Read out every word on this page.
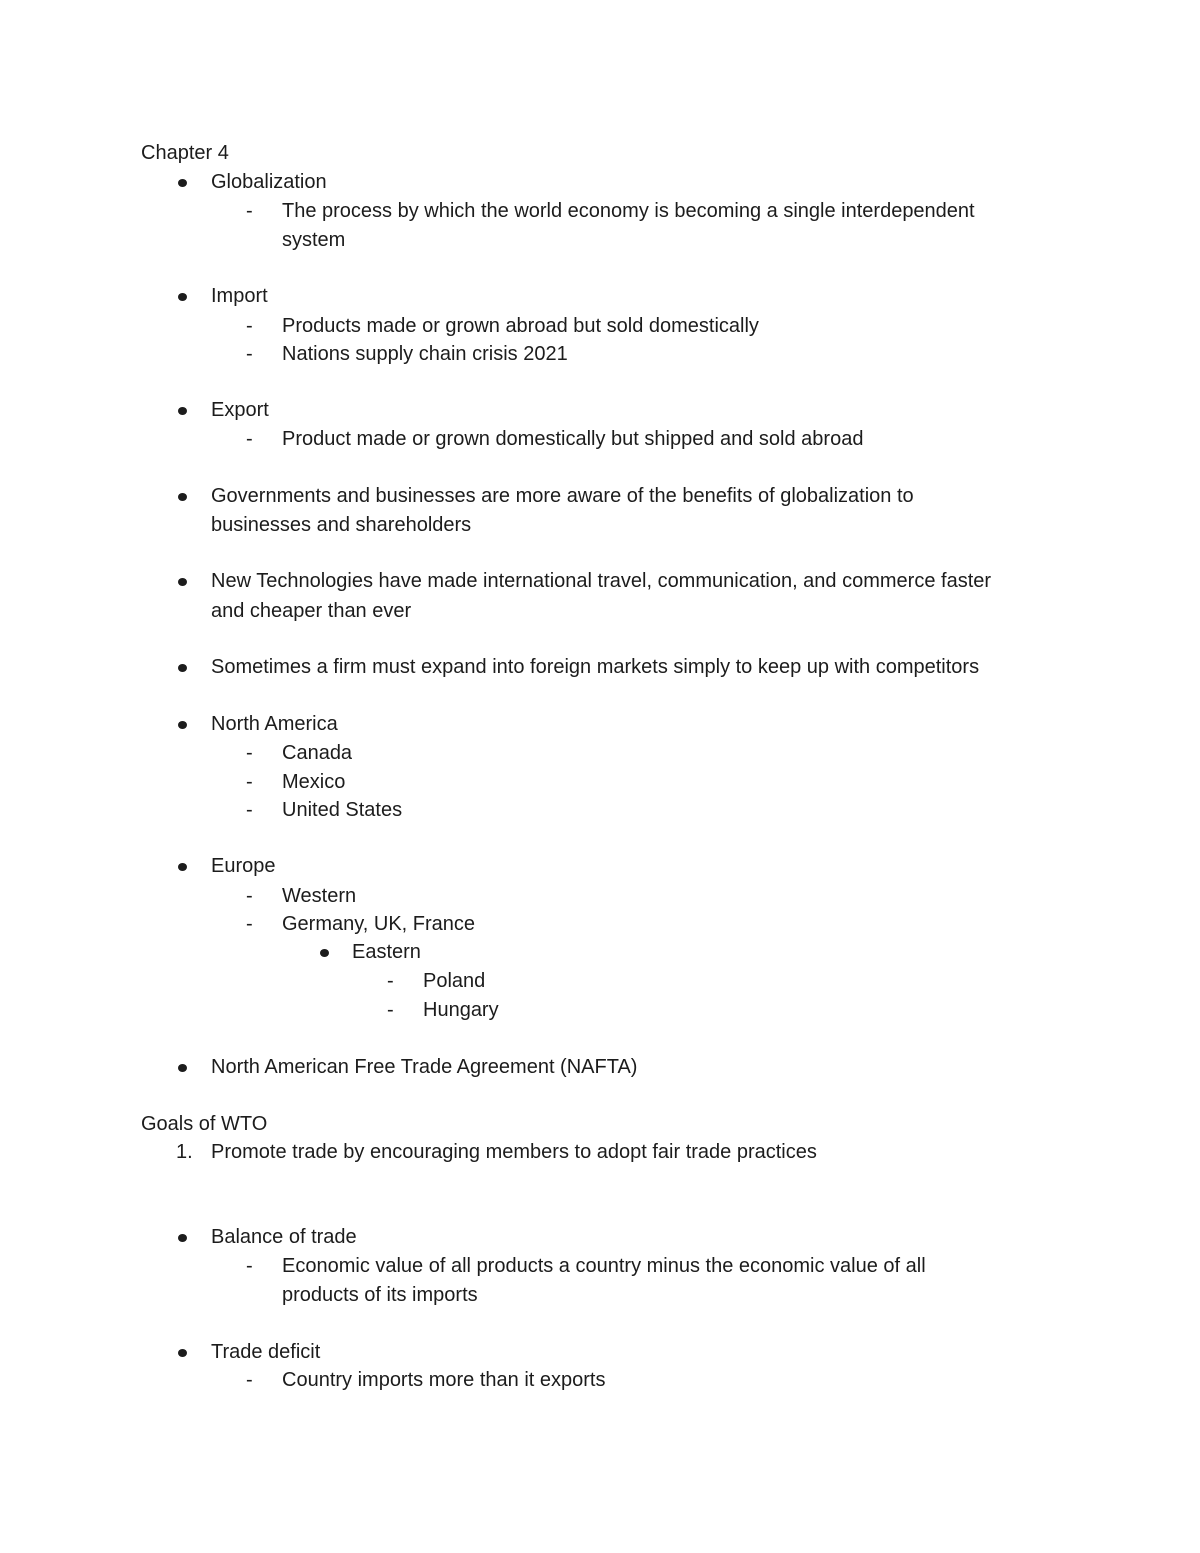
Chapter 4
Globalization
- The process by which the world economy is becoming a single interdependent
system
Import
- Products made or grown abroad but sold domestically
- Nations supply chain crisis 2021
Export
- Product made or grown domestically but shipped and sold abroad
Governments and businesses are more aware of the benefits of globalization to
businesses and shareholders
New Technologies have made international travel, communication, and commerce faster
and cheaper than ever
Sometimes a firm must expand into foreign markets simply to keep up with competitors
North America
- Canada
- Mexico
- United States
Europe
- Western
- Germany, UK, France
Eastern
- Poland
- Hungary
North American Free Trade Agreement (NAFTA)
Goals of WTO
1. Promote trade by encouraging members to adopt fair trade practices
Balance of trade
- Economic value of all products a country minus the economic value of all
products of its imports
Trade deficit
- Country imports more than it exports
